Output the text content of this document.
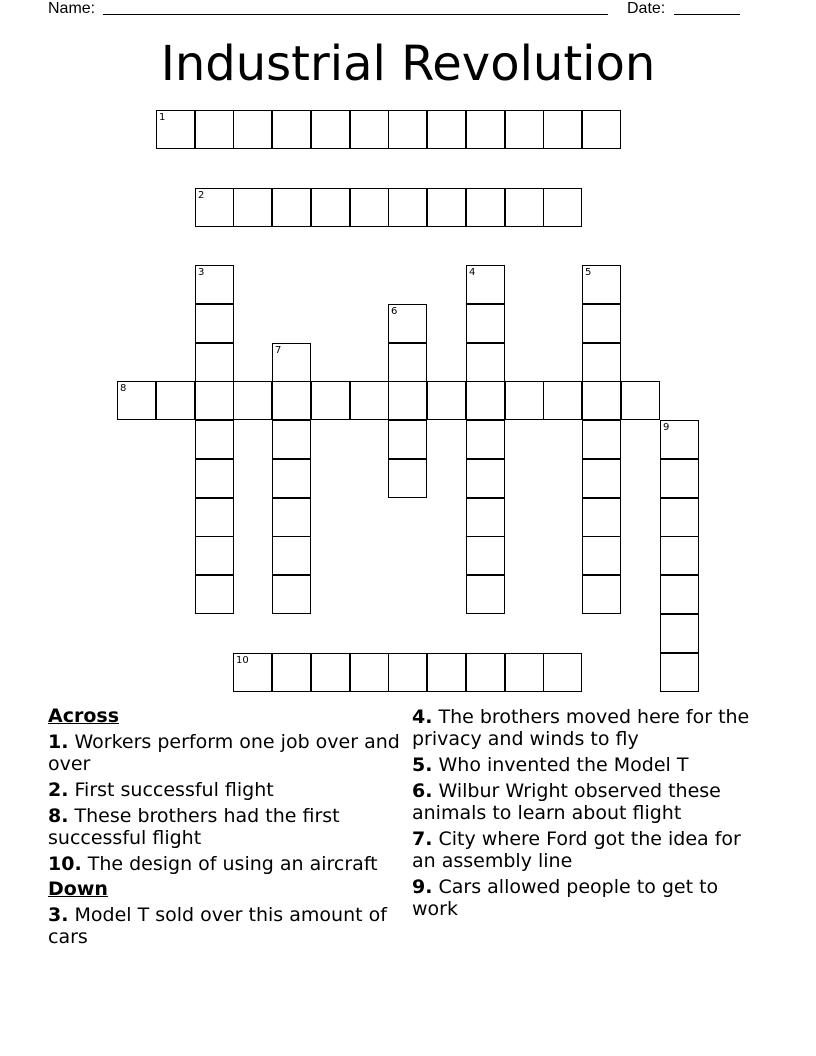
Name:	Date:
Industrial Revolution
1
2
3	4	5
6
7
8
9
10
Across
1. Workers perform one job over and over
2. First successful flight
8. These brothers had the first successful flight
10. The design of using an aircraft
Down
3. Model T sold over this amount of cars
4. The brothers moved here for the privacy and winds to fly
5. Who invented the Model T
6. Wilbur Wright observed these animals to learn about flight
7. City where Ford got the idea for an assembly line
9. Cars allowed people to get to work
